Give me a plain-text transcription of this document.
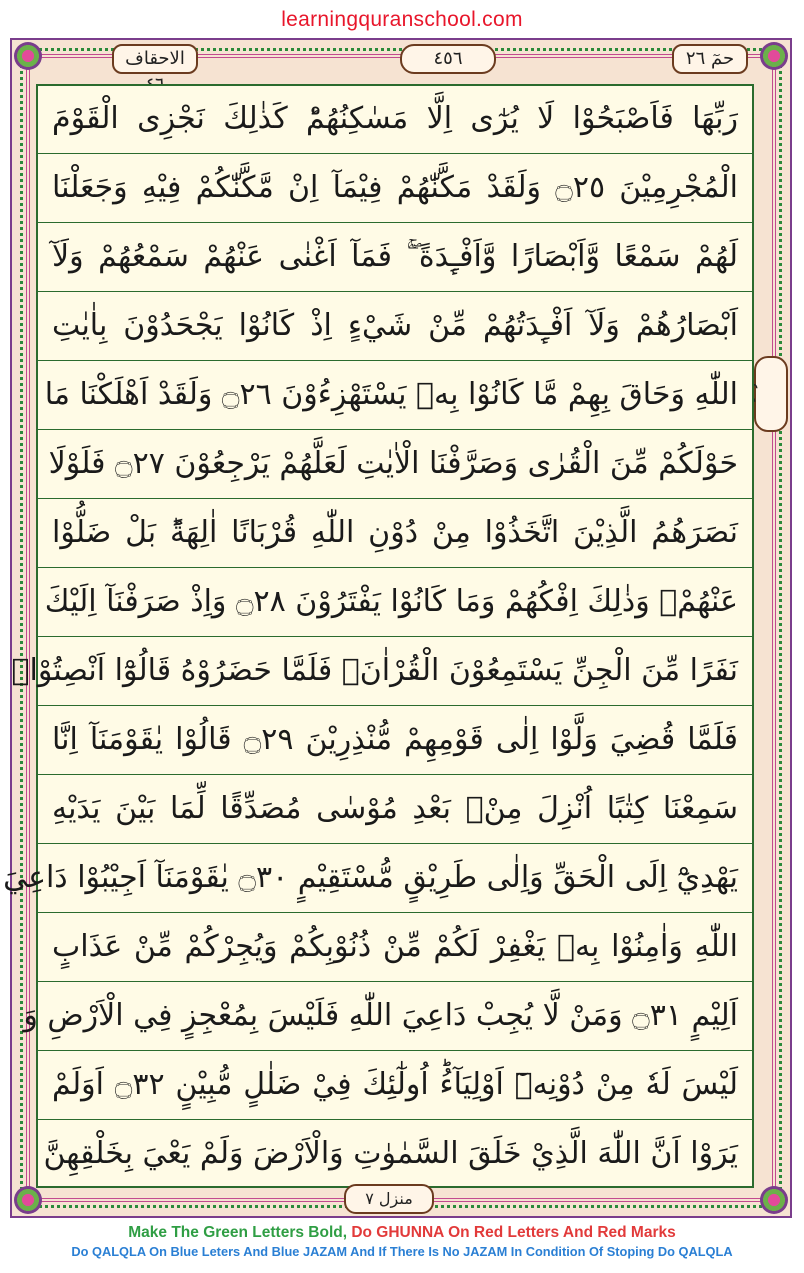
learningquranschool.com
الاحقاف	٤٥٦	حمٓ ۲٦
رَبِّهَا فَاَصْبَحُوْا لَا يُرٰٓى اِلَّا مَسٰكِنُهُمْؕ كَذٰلِكَ نَجْزِى الْقَوْمَ
الْمُجْرِمِيْنَ ۝٢٥ وَلَقَدْ مَكَّنّٰهُمْ فِيْمَآ اِنْ مَّكَّنّٰكُمْ فِيْهِ وَجَعَلْنَا
لَهُمْ سَمْعًا وَّاَبْصَارًا وَّاَفْـِٕدَةً ۖۚ فَمَآ اَغْنٰى عَنْهُمْ سَمْعُهُمْ وَلَآ
اَبْصَارُهُمْ وَلَآ اَفْـِٕدَتُهُمْ مِّنْ شَيْءٍ اِذْ كَانُوْا يَجْحَدُوْنَ بِاٰيٰتِ
اللّٰهِ وَحَاقَ بِهِمْ مَّا كَانُوْا بِهٖ يَسْتَهْزِءُوْنَ ۝٢٦ وَلَقَدْ اَهْلَكْنَا مَا
حَوْلَكُمْ مِّنَ الْقُرٰى وَصَرَّفْنَا الْاٰيٰتِ لَعَلَّهُمْ يَرْجِعُوْنَ ۝٢٧ فَلَوْلَا
نَصَرَهُمُ الَّذِيْنَ اتَّخَذُوْا مِنْ دُوْنِ اللّٰهِ قُرْبَانًا اٰلِهَةًؕ بَلْ ضَلُّوْا
عَنْهُمْۚ وَذٰلِكَ اِفْكُهُمْ وَمَا كَانُوْا يَفْتَرُوْنَ ۝٢٨ وَاِذْ صَرَفْنَآ اِلَيْكَ
نَفَرًا مِّنَ الْجِنِّ يَسْتَمِعُوْنَ الْقُرْاٰنَۚ فَلَمَّا حَضَرُوْهُ قَالُوْٓا اَنْصِتُوْاۚ
فَلَمَّا قُضِيَ وَلَّوْا اِلٰى قَوْمِهِمْ مُّنْذِرِيْنَ ۝٢٩ قَالُوْا يٰقَوْمَنَآ اِنَّا
سَمِعْنَا كِتٰبًا اُنْزِلَ مِنْۢ بَعْدِ مُوْسٰى مُصَدِّقًا لِّمَا بَيْنَ يَدَيْهِ
يَهْدِيْٓ اِلَى الْحَقِّ وَاِلٰى طَرِيْقٍ مُّسْتَقِيْمٍ ۝٣٠ يٰقَوْمَنَآ اَجِيْبُوْا دَاعِيَ
اللّٰهِ وَاٰمِنُوْا بِهٖ يَغْفِرْ لَكُمْ مِّنْ ذُنُوْبِكُمْ وَيُجِرْكُمْ مِّنْ عَذَابٍ
اَلِيْمٍ ۝٣١ وَمَنْ لَّا يُجِبْ دَاعِيَ اللّٰهِ فَلَيْسَ بِمُعْجِزٍ فِي الْاَرْضِ وَ
لَيْسَ لَهٗ مِنْ دُوْنِهٖٓ اَوْلِيَآءُؕ اُولٰٓئِكَ فِيْ ضَلٰلٍ مُّبِيْنٍ ۝٣٢ اَوَلَمْ
يَرَوْا اَنَّ اللّٰهَ الَّذِيْ خَلَقَ السَّمٰوٰتِ وَالْاَرْضَ وَلَمْ يَعْيَ بِخَلْقِهِنَّ
منزل ٧
Make The Green Letters Bold, Do GHUNNA On Red Letters And Red Marks
Do QALQLA On Blue Leters And Blue JAZAM And If There Is No JAZAM In Condition Of Stoping Do QALQLA
